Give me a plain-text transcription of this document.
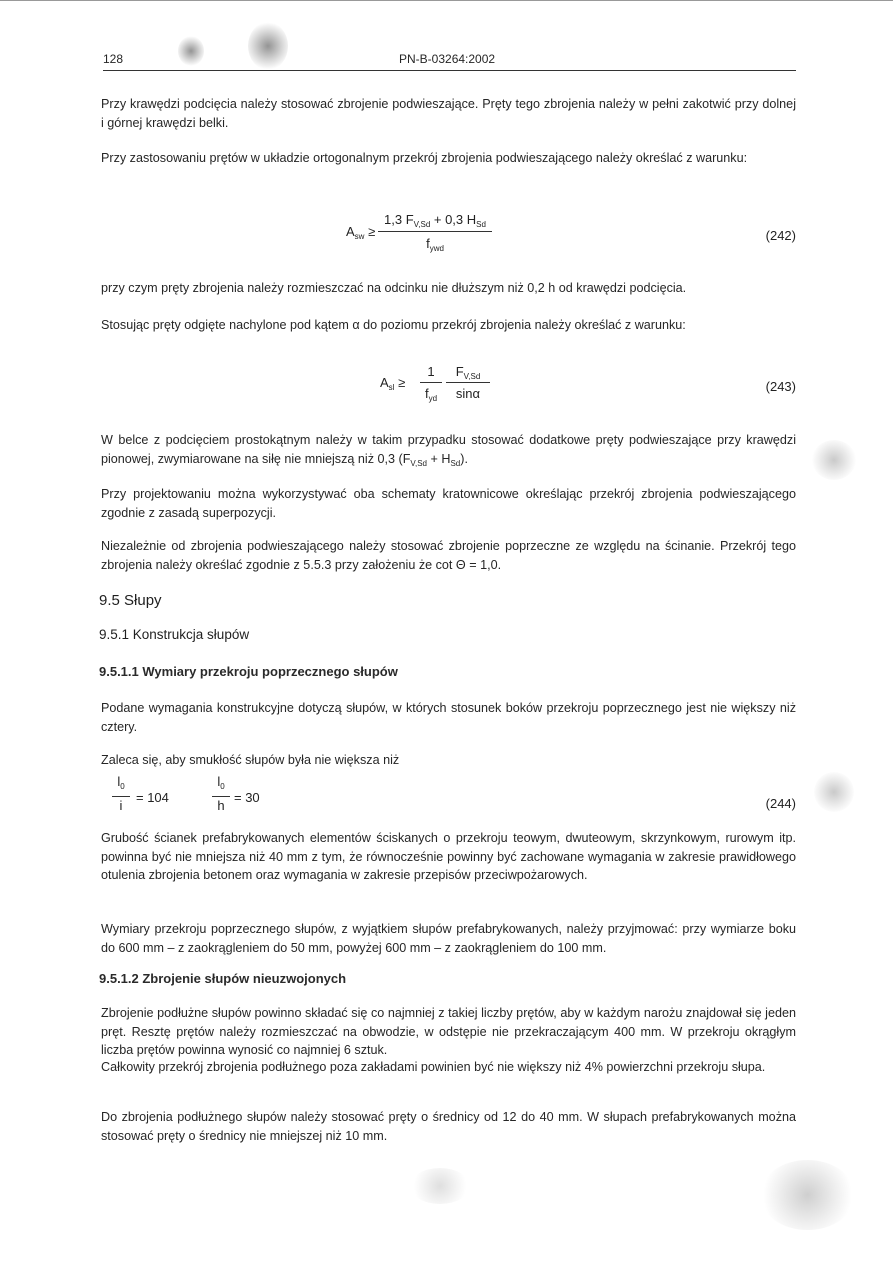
128	PN-B-03264:2002

Przy krawędzi podcięcia należy stosować zbrojenie podwieszające. Pręty tego zbrojenia należy w pełni zakotwić przy dolnej i górnej krawędzi belki.

Przy zastosowaniu prętów w układzie ortogonalnym przekrój zbrojenia podwieszającego należy określać z warunku:

$A_{sw}$ ≥
1,3 $F_{V,Sd} + 0,3$ $H_{Sd}$
$f_{ywd}$
(242)

przy czym pręty zbrojenia należy rozmieszczać na odcinku nie dłuższym niż 0,2 h od krawędzi podcięcia.

Stosując pręty odgięte nachylone pod kątem α do poziomu przekrój zbrojenia należy określać z warunku:

$A_{sl}$ ≥
1
$f_{yd}$
$F_{V,Sd}$
sinα	(243)

W belce z podcięciem prostokątnym należy w takim przypadku stosować dodatkowe pręty podwieszające przy krawędzi pionowej, zwymiarowane na siłę nie mniejszą niż 0,3 $(F_{V,Sd} + H_{Sd})$.

Przy projektowaniu można wykorzystywać oba schematy kratownicowe określając przekrój zbrojenia podwieszającego zgodnie z zasadą superpozycji.

Niezależnie od zbrojenia podwieszającego należy stosować zbrojenie poprzeczne ze względu na ścinanie. Przekrój tego zbrojenia należy określać zgodnie z 5.5.3 przy założeniu że cot Θ = 1,0.

9.5 Słupy
9.5.1 Konstrukcja słupów
9.5.1.1 Wymiary przekroju poprzecznego słupów

Podane wymagania konstrukcyjne dotyczą słupów, w których stosunek boków przekroju poprzecznego jest nie większy niż cztery.

Zaleca się, aby smukłość słupów była nie większa niż

$l_0$
i
= 104
$l_0$
h
= 30	(244)

Grubość ścianek prefabrykowanych elementów ściskanych o przekroju teowym, dwuteowym, skrzynkowym, rurowym itp. powinna być nie mniejsza niż 40 mm z tym, że równocześnie powinny być zachowane wymagania w zakresie prawidłowego otulenia zbrojenia betonem oraz wymagania w zakresie przepisów przeciwpożarowych.

Wymiary przekroju poprzecznego słupów, z wyjątkiem słupów prefabrykowanych, należy przyjmować: przy wymiarze boku do 600 mm – z zaokrągleniem do 50 mm, powyżej 600 mm – z zaokrągleniem do 100 mm.

9.5.1.2 Zbrojenie słupów nieuzwojonych

Zbrojenie podłużne słupów powinno składać się co najmniej z takiej liczby prętów, aby w każdym narożu znajdował się jeden pręt. Resztę prętów należy rozmieszczać na obwodzie, w odstępie nie przekraczającym 400 mm. W przekroju okrągłym liczba prętów powinna wynosić co najmniej 6 sztuk.

Całkowity przekrój zbrojenia podłużnego poza zakładami powinien być nie większy niż 4% powierzchni przekroju słupa.

Do zbrojenia podłużnego słupów należy stosować pręty o średnicy od 12 do 40 mm. W słupach prefabrykowanych można stosować pręty o średnicy nie mniejszej niż 10 mm.
